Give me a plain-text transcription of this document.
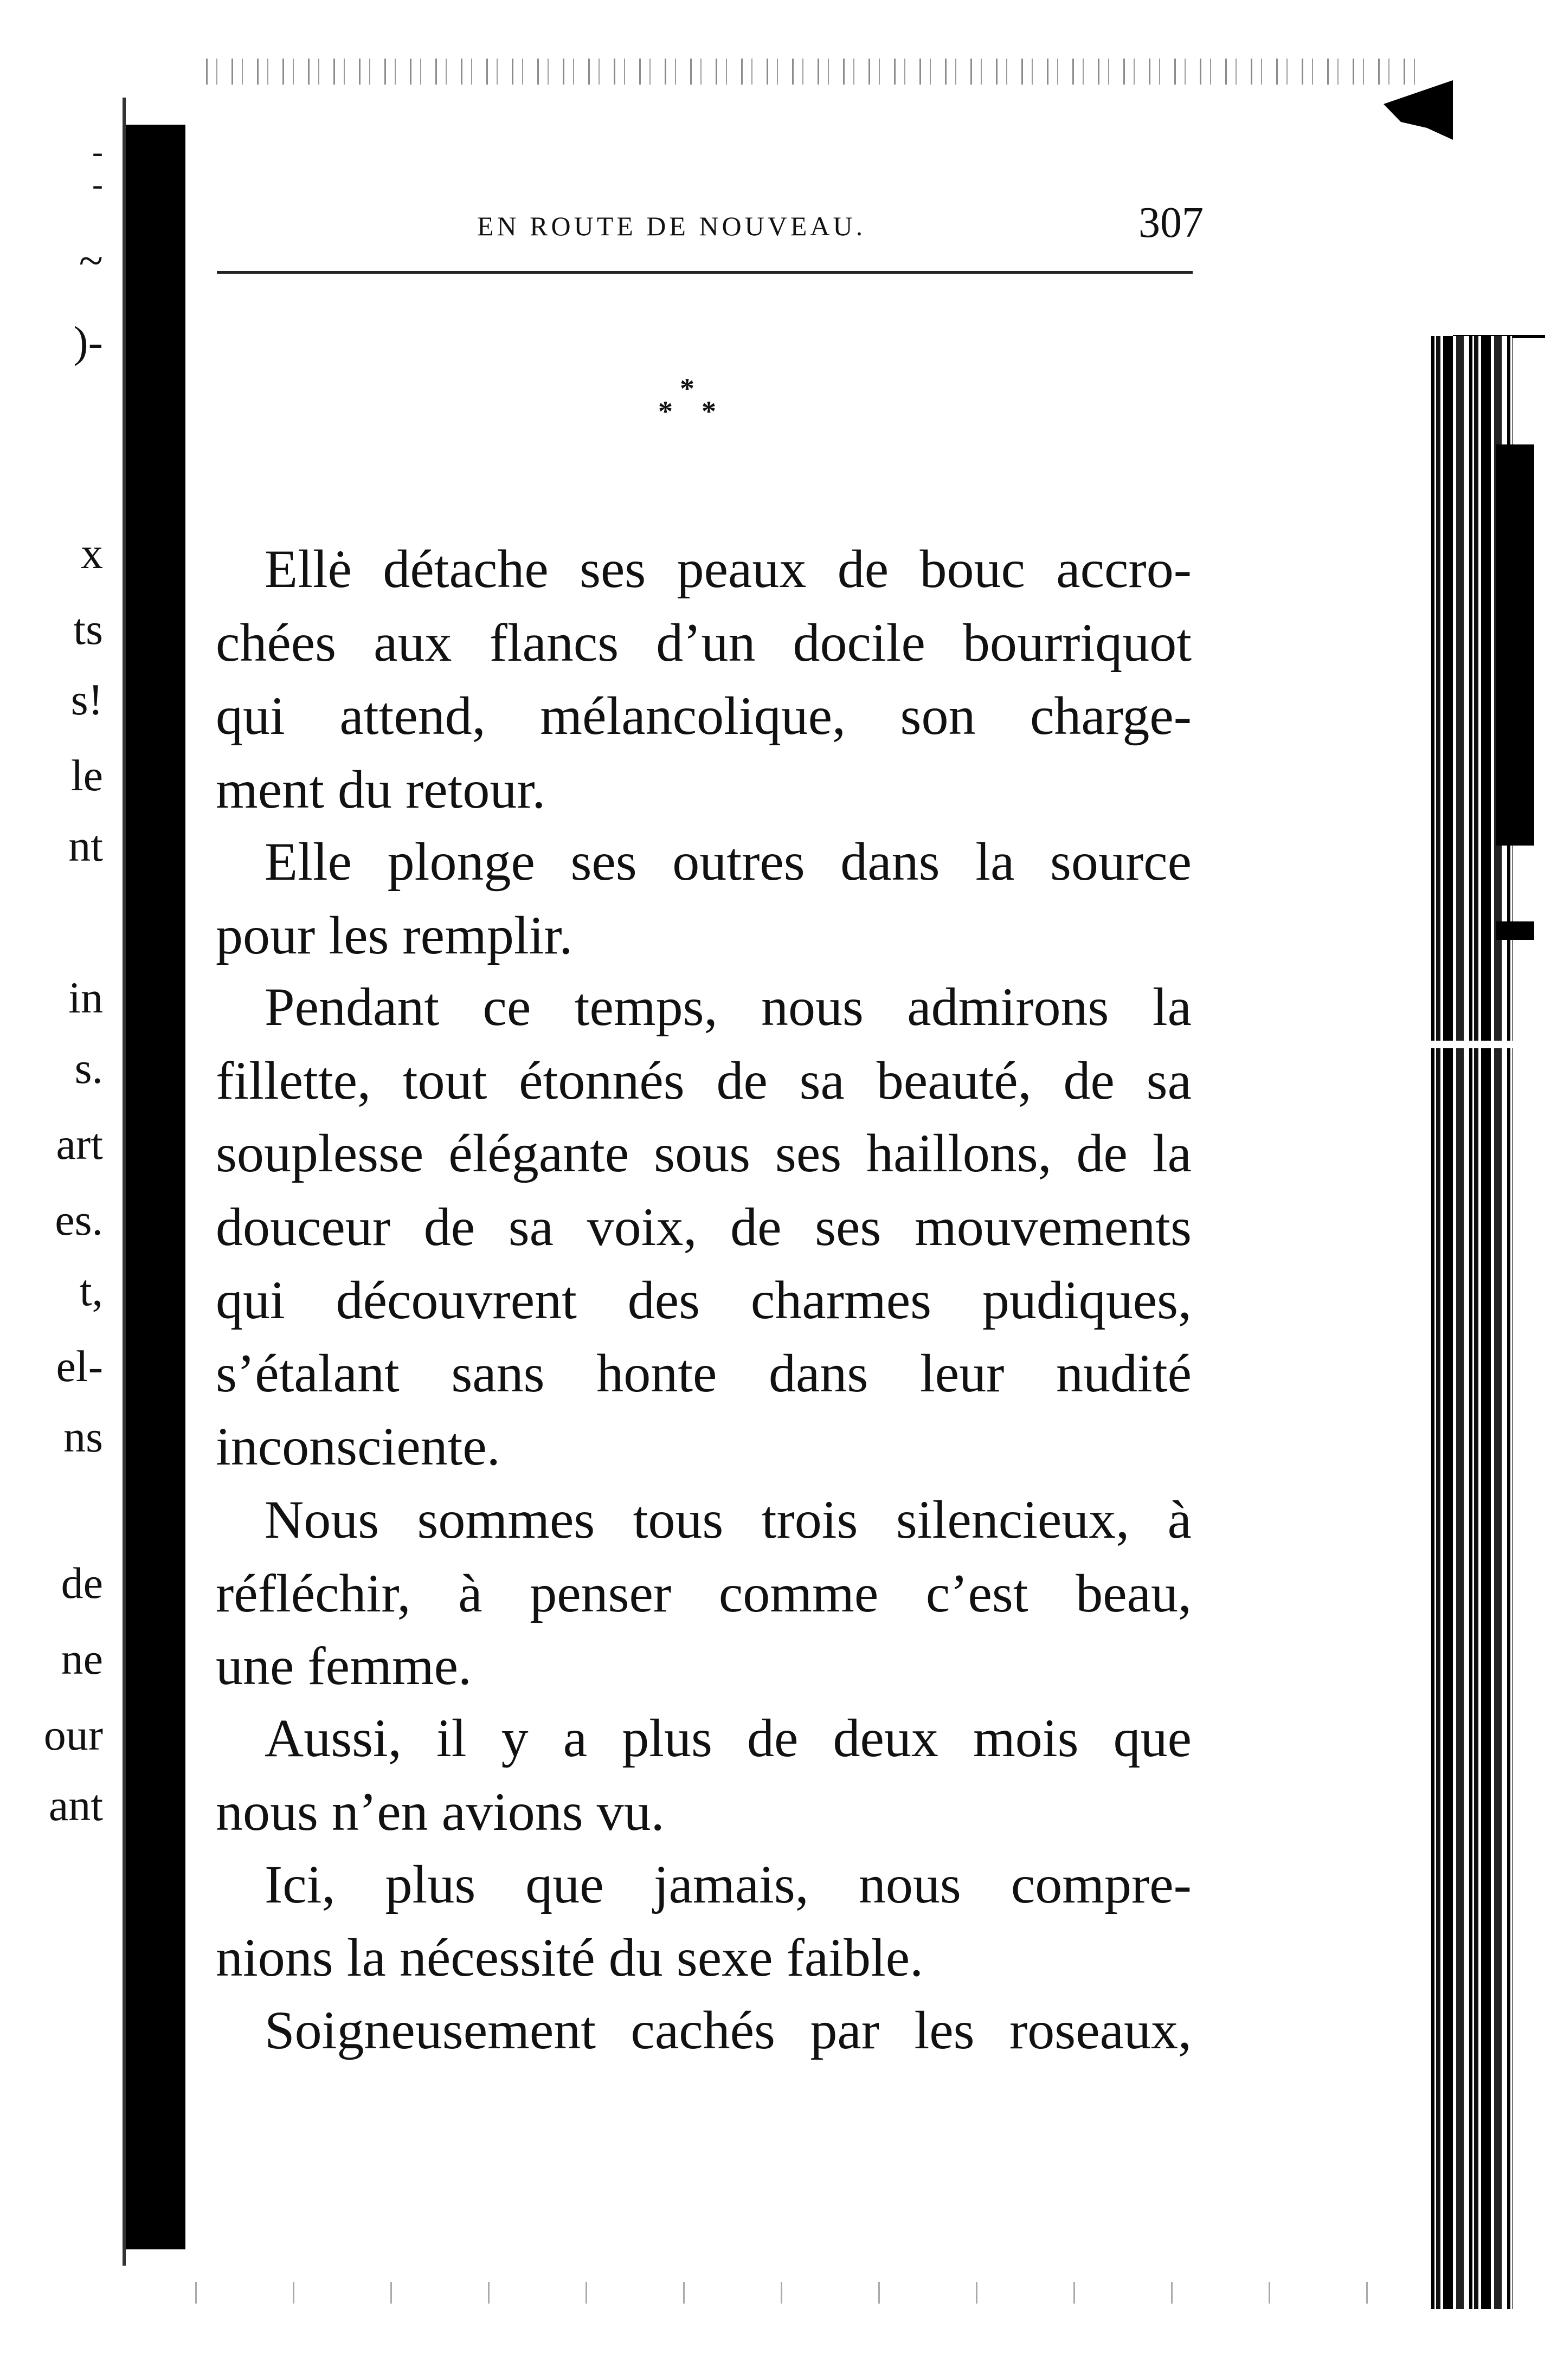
-
-
~
)-
x
ts
s!
le
nt
in
s.
art
es.
t,
el-
ns
de
ne
our
ant
EN ROUTE DE NOUVEAU.	307
*
* *
Ellė détache ses peaux de bouc accro-
chées aux flancs d’un docile bourriquot
qui attend, mélancolique, son charge-
ment du retour.
Elle plonge ses outres dans la source
pour les remplir.
Pendant ce temps, nous admirons la
fillette, tout étonnés de sa beauté, de sa
souplesse élégante sous ses haillons, de la
douceur de sa voix, de ses mouvements
qui découvrent des charmes pudiques,
s’étalant sans honte dans leur nudité
inconsciente.
Nous sommes tous trois silencieux, à
réfléchir, à penser comme c’est beau,
une femme.
Aussi, il y a plus de deux mois que
nous n’en avions vu.
Ici, plus que jamais, nous compre-
nions la nécessité du sexe faible.
Soigneusement cachés par les roseaux,
